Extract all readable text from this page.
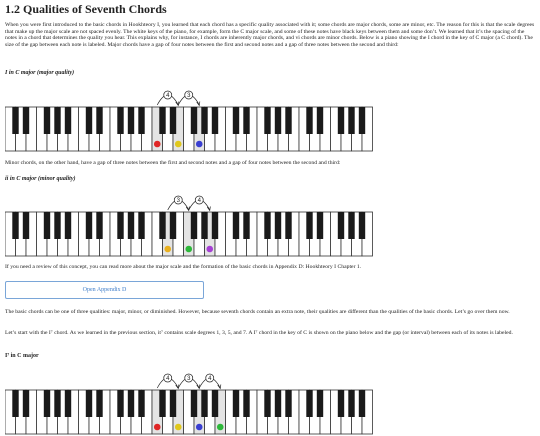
1.2 Qualities of Seventh Chords

When you were first introduced to the basic chords in Hookhteory I, you learned that each chord has a specific quality associated with it; some chords are major chords, some are minor, etc. The reason for this is that the scale degrees that make up the major scale are not spaced evenly. The white keys of the piano, for example, form the C major scale, and some of these notes have black keys between them and some don’t. We learned that it’s the spacing of the notes in a chord that determines the quality you hear. This explains why, for instance, I chords are inherently major chords, and vi chords are minor chords. Below is a piano showing the I chord in the key of C major (a C chord). The size of the gap between each note is labeled. Major chords have a gap of four notes between the first and second notes and a gap of three notes between the second and third:

I in C major (major quality)
4	3

Minor chords, on the other hand, have a gap of three notes between the first and second notes and a gap of four notes between the second and third:

ii in C major (minor quality)
3	4

If you need a review of this concept, you can read more about the major scale and the formation of the basic chords in Appendix D: Hookhteory I Chapter 1.

Open Appendix D

The basic chords can be one of three qualities: major, minor, or diminished. However, because seventh chords contain an extra note, their qualities are different than the qualities of the basic chords. Let’s go over them now.

Let’s start with the I⁷ chord. As we learned in the previous section, it⁷ contains scale degrees 1, 3, 5, and 7. A I⁷ chord in the key of C is shown on the piano below and the gap (or interval) between each of its notes is labeled.

I⁷ in C major
4	3	4
